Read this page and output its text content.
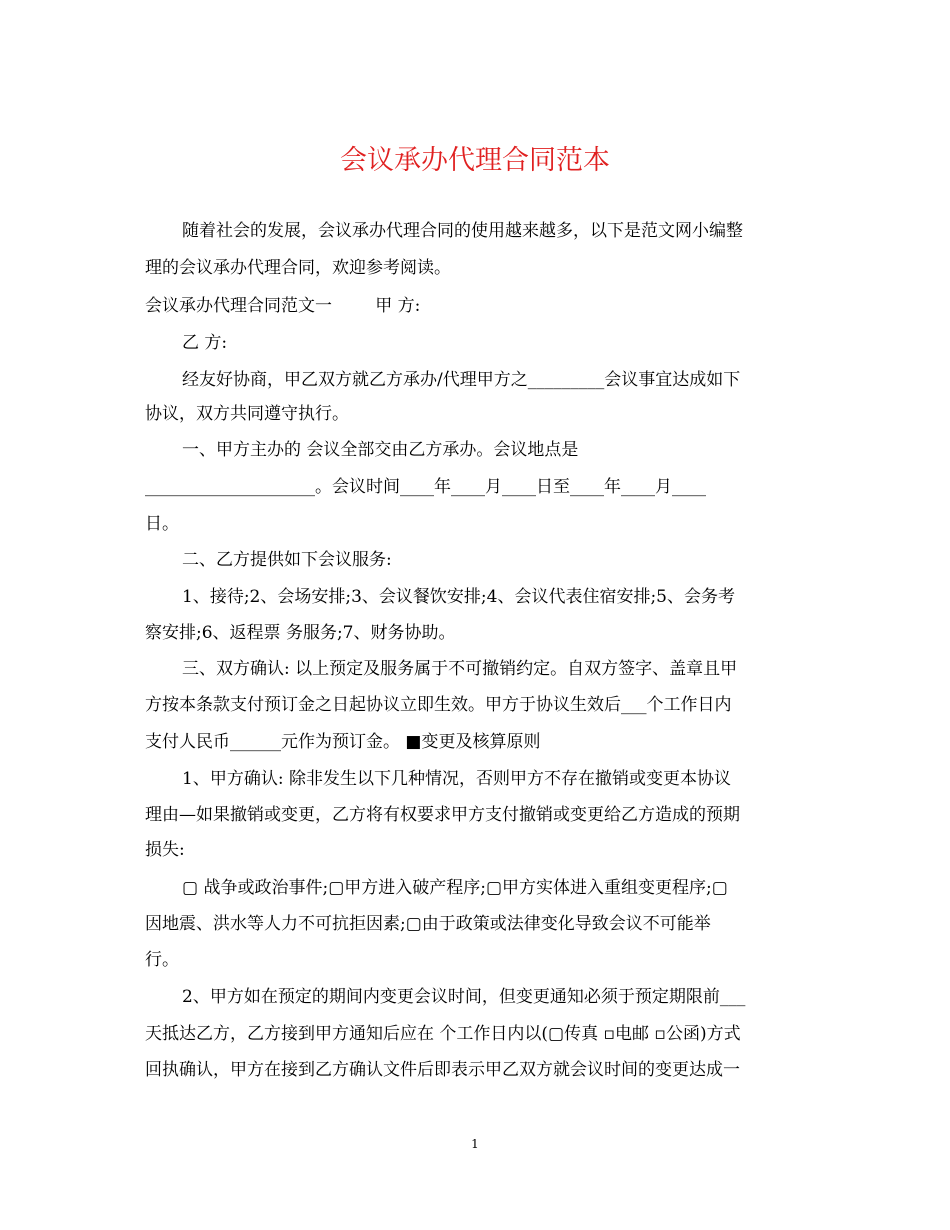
会议承办代理合同范本
随着社会的发展，会议承办代理合同的使用越来越多，以下是范文网小编整
理的会议承办代理合同，欢迎参考阅读。
会议承办代理合同范文一        甲 方:
乙 方:
经友好协商，甲乙双方就乙方承办/代理甲方之_________会议事宜达成如下
协议，双方共同遵守执行。
一、甲方主办的 会议全部交由乙方承办。会议地点是
____________________。会议时间____年____月____日至____年____月____
日。
二、乙方提供如下会议服务:
1、接待;2、会场安排;3、会议餐饮安排;4、会议代表住宿安排;5、会务考
察安排;6、返程票 务服务;7、财务协助。
三、双方确认: 以上预定及服务属于不可撤销约定。自双方签字、盖章且甲
方按本条款支付预订金之日起协议立即生效。甲方于协议生效后___个工作日内
支付人民币______元作为预订金。 ■变更及核算原则
1、甲方确认: 除非发生以下几种情况，否则甲方不存在撤销或变更本协议
理由—如果撤销或变更，乙方将有权要求甲方支付撤销或变更给乙方造成的预期
损失:
▢ 战争或政治事件;▢甲方进入破产程序;▢甲方实体进入重组变更程序;▢
因地震、洪水等人力不可抗拒因素;▢由于政策或法律变化导致会议不可能举
行。
2、甲方如在预定的期间内变更会议时间，但变更通知必须于预定期限前___
天抵达乙方，乙方接到甲方通知后应在 个工作日内以(▢传真 ▫电邮 ▫公函)方式
回执确认，甲方在接到乙方确认文件后即表示甲乙双方就会议时间的变更达成一
1
